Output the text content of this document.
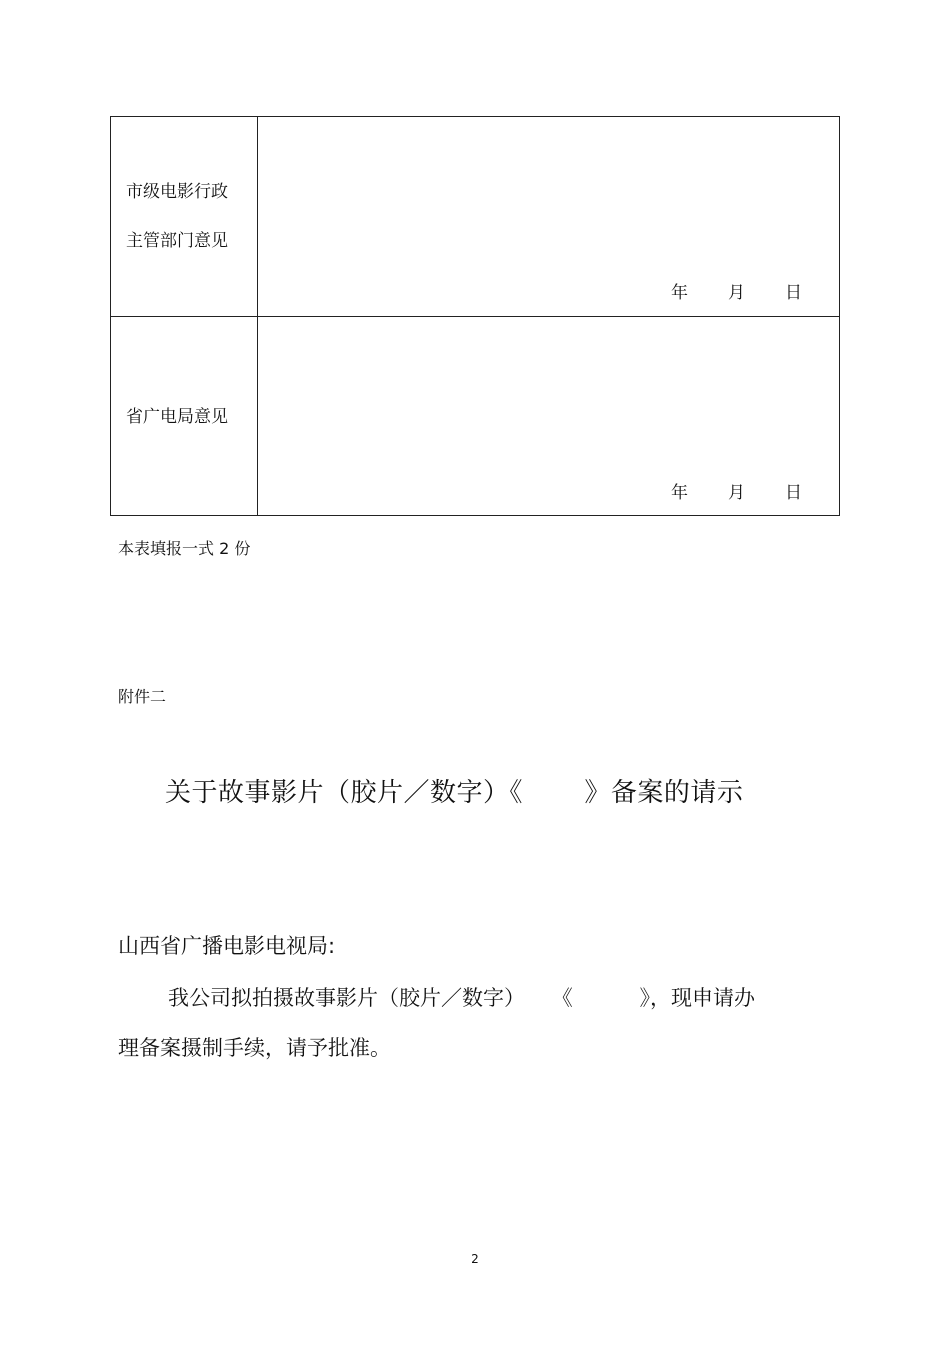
市级电影行政
主管部门意见	年 月 日

省广电局意见	年 月 日
本表填报一式 2 份
附件二
关于故事影片（胶片／数字）《       》备案的请示
山西省广播电影电视局:
我公司拟拍摄故事影片（胶片／数字）    《          》，现申请办
理备案摄制手续，请予批准。
2
